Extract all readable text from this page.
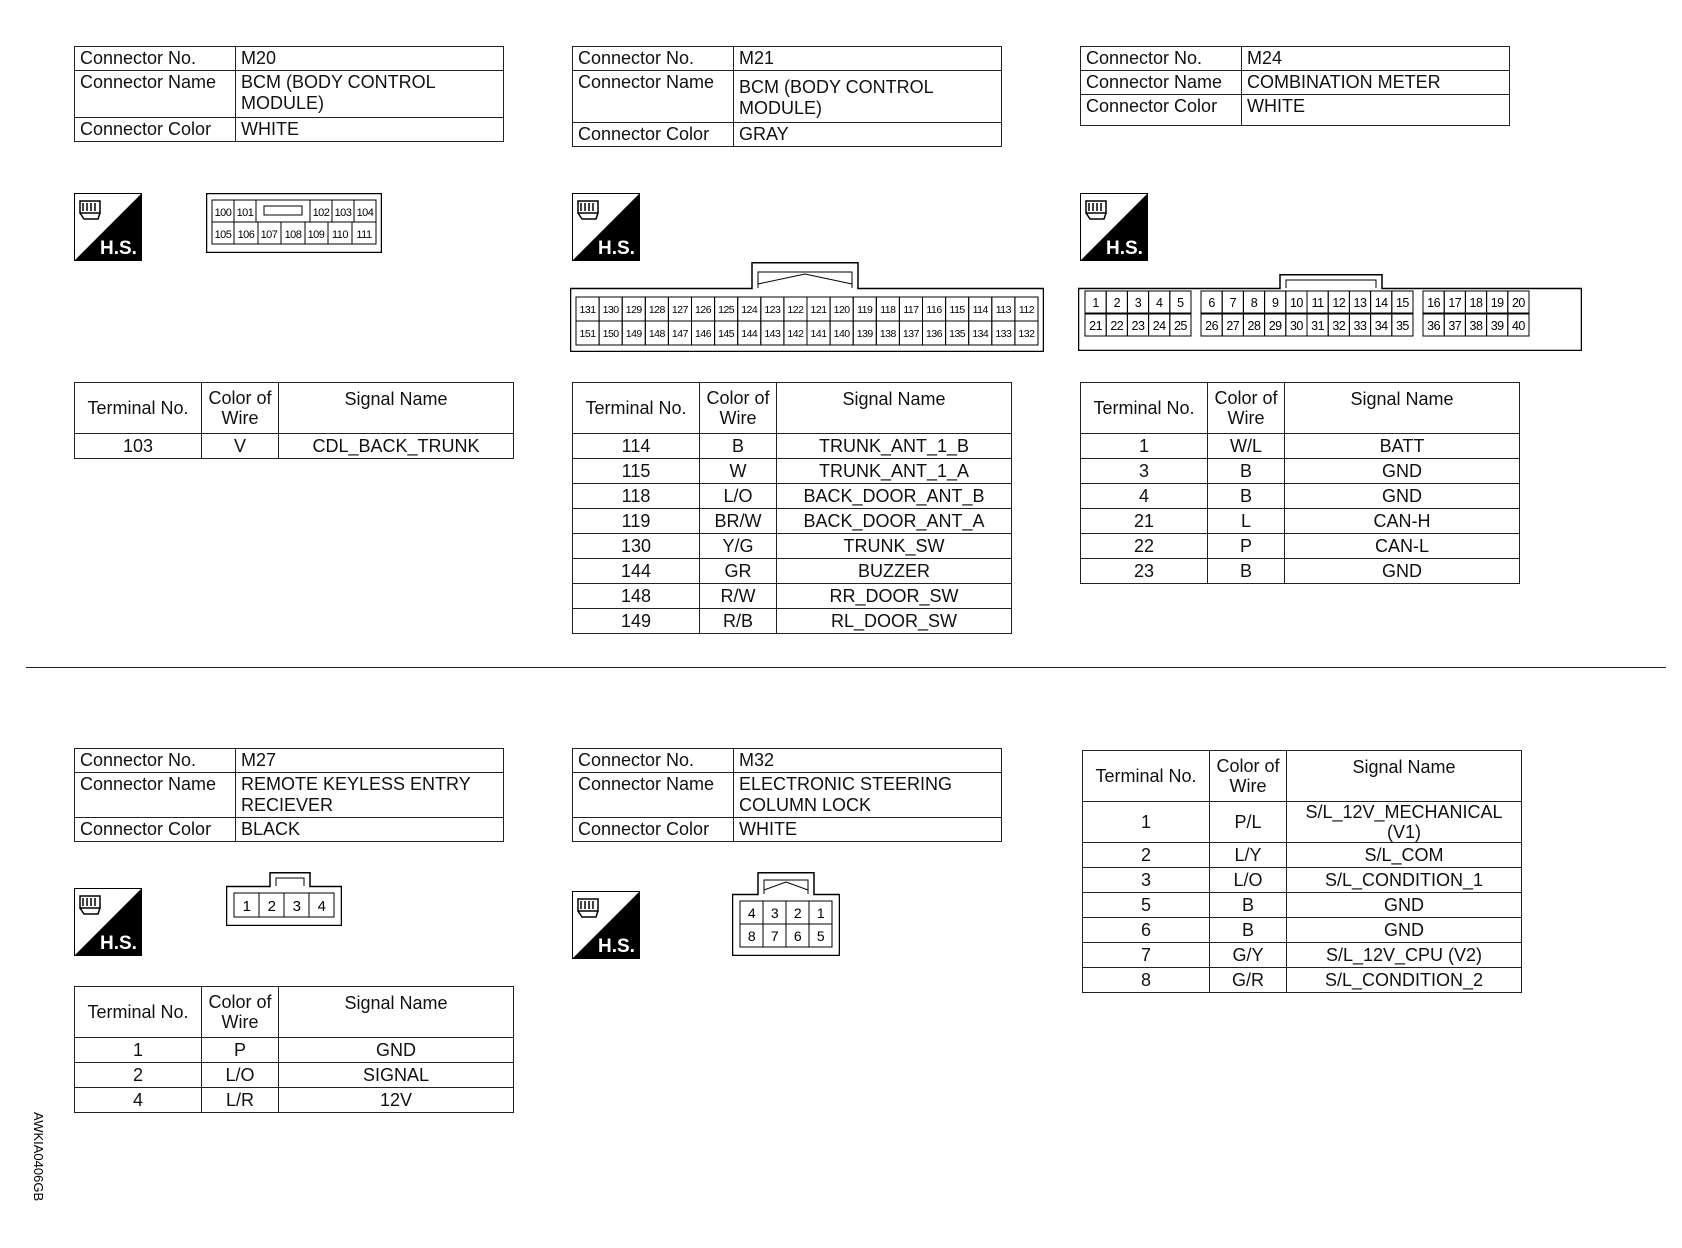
Connector No.	M20
Connector Name	BCM (BODY CONTROL MODULE)
Connector Color	WHITE
Connector No.	M21
Connector Name	BCM (BODY CONTROL MODULE)
Connector Color	GRAY
Connector No.	M24
Connector Name	COMBINATION METER
Connector Color	WHITE
Connector No.	M27
Connector Name	REMOTE KEYLESS ENTRY RECIEVER
Connector Color	BLACK
Connector No.	M32
Connector Name	ELECTRONIC STEERING COLUMN LOCK
Connector Color	WHITE
H.S.	H.S.	H.S.
H.S.	H.S.
100 101	102 103 104
105 106 107 108 109 110 111
131 130 129 128 127 126 125 124 123 122 121 120 119 118 117 116 115 114 113 112
151 150 149 148 147 146 145 144 143 142 141 140 139 138 137 136 135 134 133 132
1 2 3 4 5 6 7 8 9 10 11 12 13 14 15 16 17 18 19 20
21 22 23 24 25 26 27 28 29 30 31 32 33 34 35 36 37 38 39 40
1 2 3 4	4 3 2 1
8 7 6 5
Terminal No.	Color of Wire	Signal Name
103	V	CDL_BACK_TRUNK
Terminal No.	Color of Wire	Signal Name
114	B	TRUNK_ANT_1_B
115	W	TRUNK_ANT_1_A
118	L/O	BACK_DOOR_ANT_B
119	BR/W	BACK_DOOR_ANT_A
130	Y/G	TRUNK_SW
144	GR	BUZZER
148	R/W	RR_DOOR_SW
149	R/B	RL_DOOR_SW
Terminal No.	Color of Wire	Signal Name
1	W/L	BATT
3	B	GND
4	B	GND
21	L	CAN-H
22	P	CAN-L
23	B	GND
Terminal No.	Color of Wire	Signal Name
1	P	GND
2	L/O	SIGNAL
4	L/R	12V
Terminal No.	Color of Wire	Signal Name
1	P/L	S/L_12V_MECHANICAL (V1)
2	L/Y	S/L_COM
3	L/O	S/L_CONDITION_1
5	B	GND
6	B	GND
7	G/Y	S/L_12V_CPU (V2)
8	G/R	S/L_CONDITION_2
AWKIA0406GB
